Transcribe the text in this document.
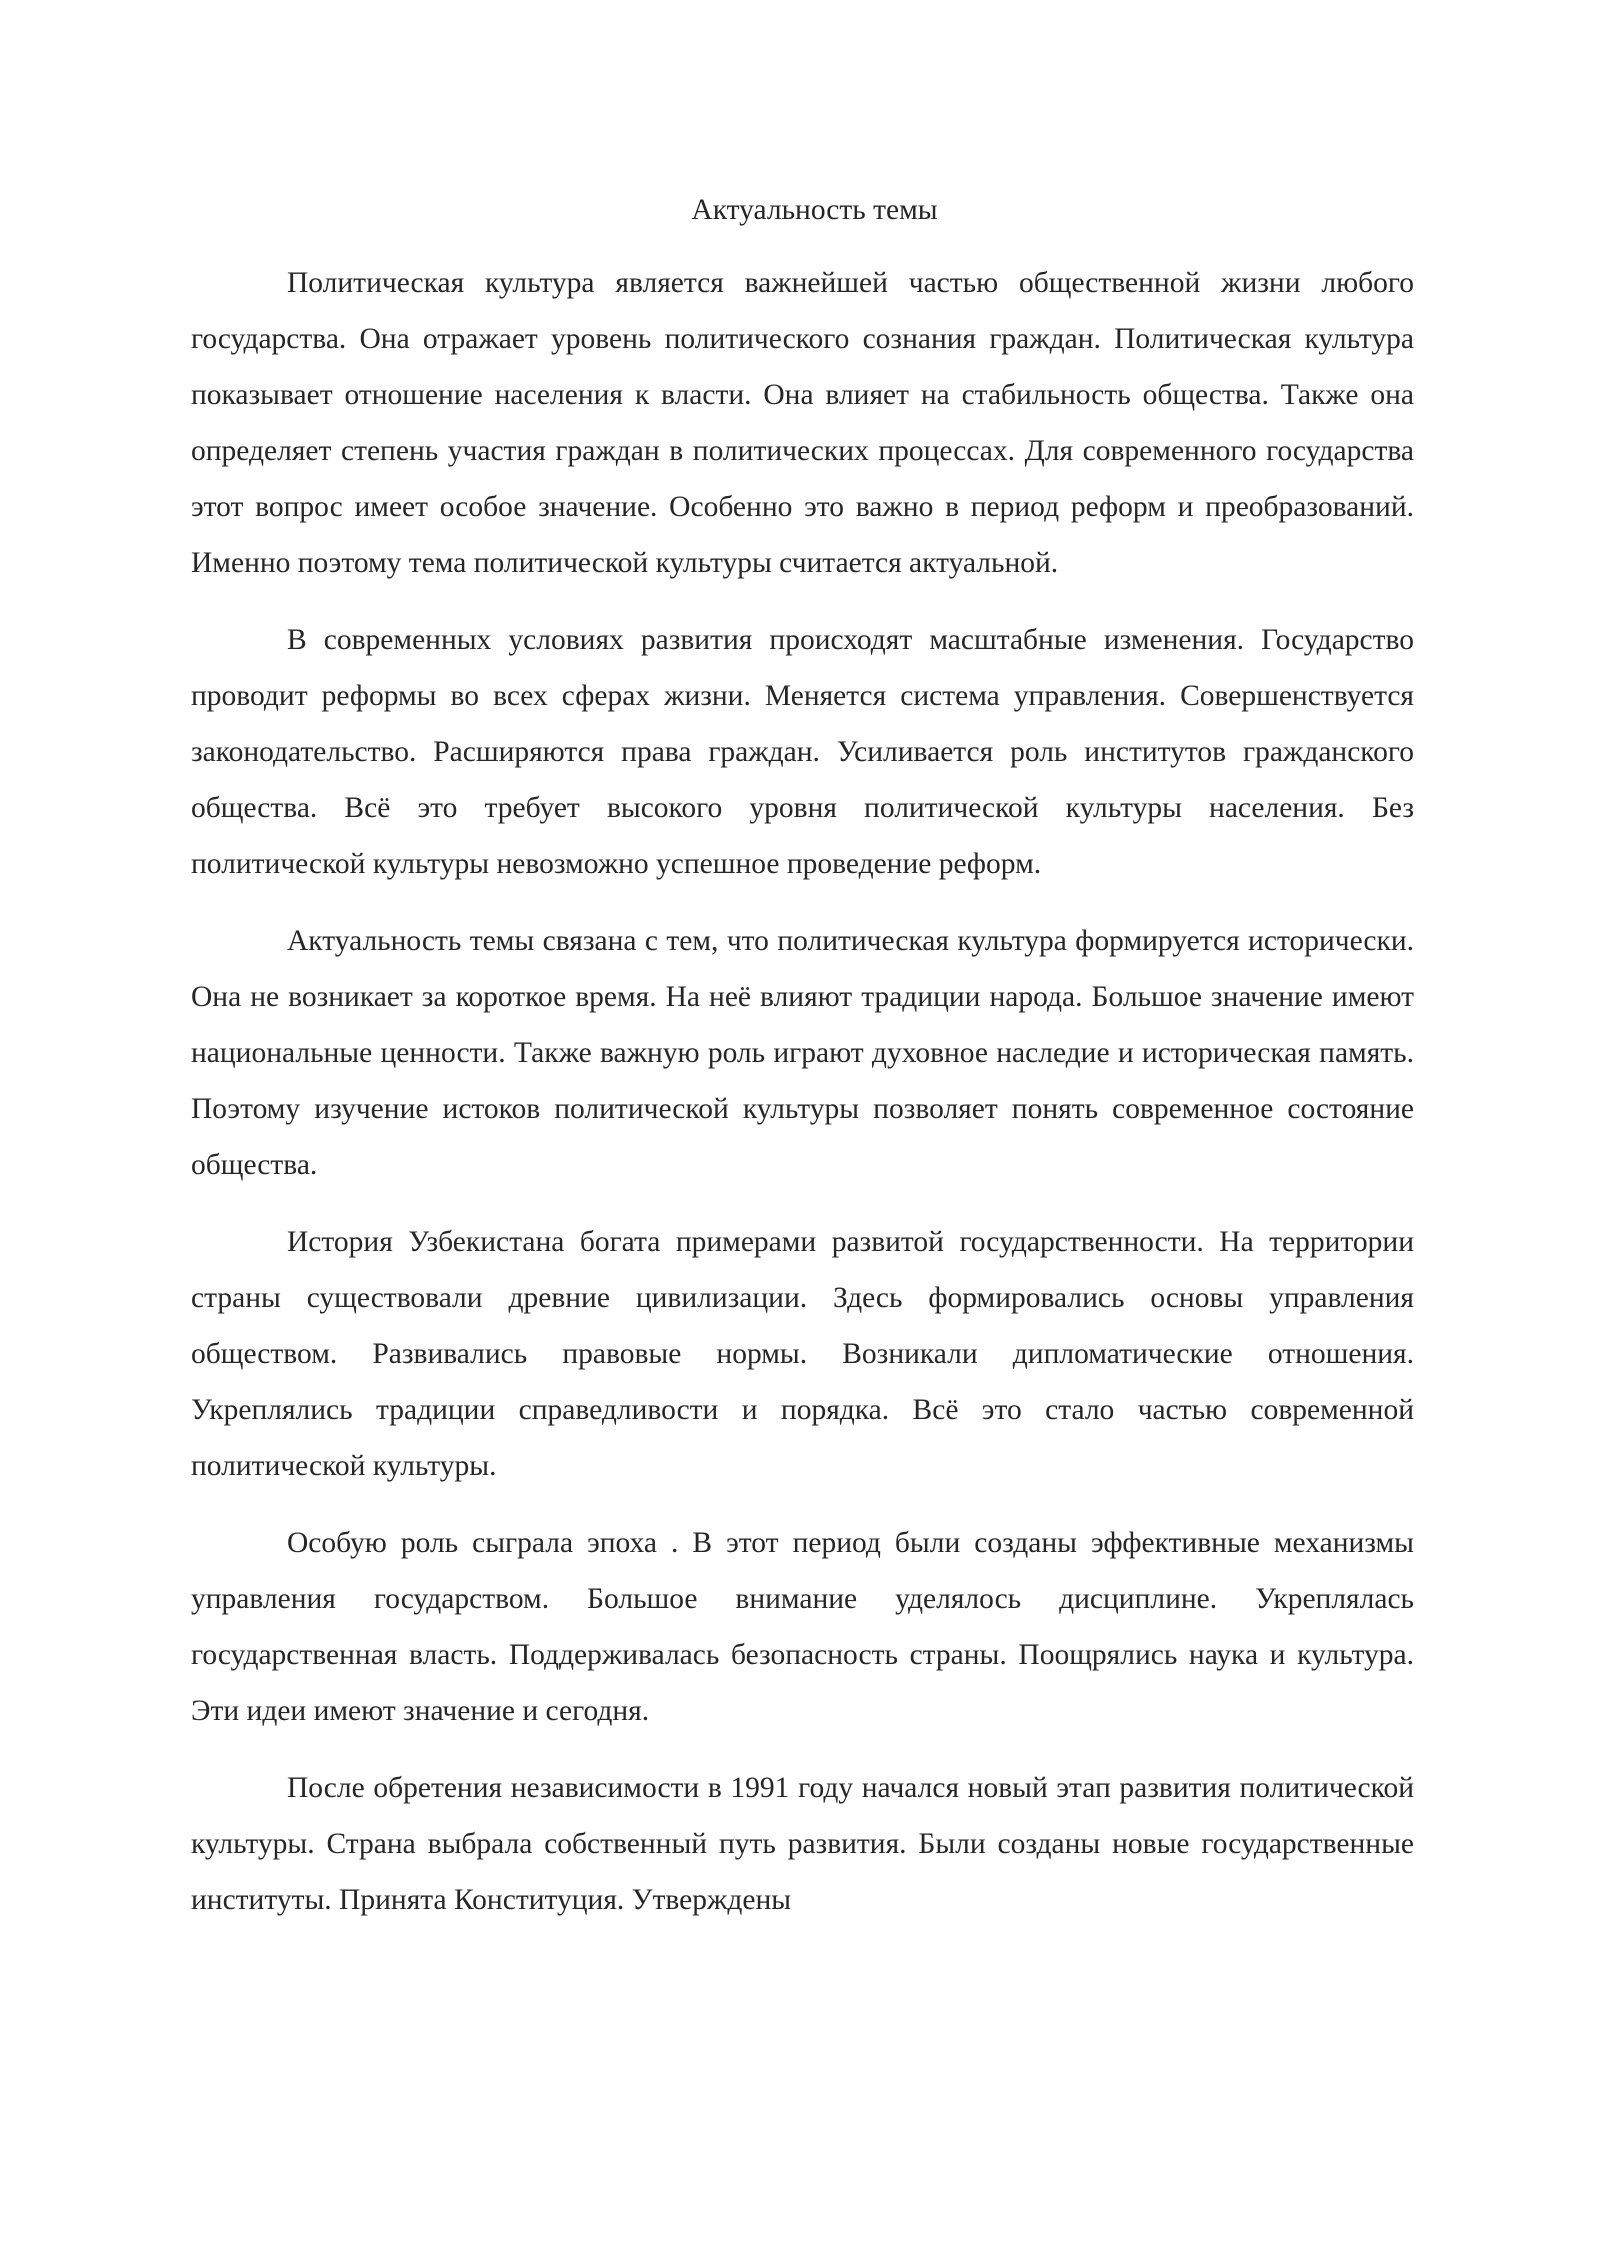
Актуальность темы

Политическая культура является важнейшей частью общественной жизни любого государства. Она отражает уровень политического сознания граждан. Политическая культура показывает отношение населения к власти. Она влияет на стабильность общества. Также она определяет степень участия граждан в политических процессах. Для современного государства этот вопрос имеет особое значение. Особенно это важно в период реформ и преобразований. Именно поэтому тема политической культуры считается актуальной.

В современных условиях развития происходят масштабные изменения. Государство проводит реформы во всех сферах жизни. Меняется система управления. Совершенствуется законодательство. Расширяются права граждан. Усиливается роль институтов гражданского общества. Всё это требует высокого уровня политической культуры населения. Без политической культуры невозможно успешное проведение реформ.

Актуальность темы связана с тем, что политическая культура формируется исторически. Она не возникает за короткое время. На неё влияют традиции народа. Большое значение имеют национальные ценности. Также важную роль играют духовное наследие и историческая память. Поэтому изучение истоков политической культуры позволяет понять современное состояние общества.

История Узбекистана богата примерами развитой государственности. На территории страны существовали древние цивилизации. Здесь формировались основы управления обществом. Развивались правовые нормы. Возникали дипломатические отношения. Укреплялись традиции справедливости и порядка. Всё это стало частью современной политической культуры.

Особую роль сыграла эпоха . В этот период были созданы эффективные механизмы управления государством. Большое внимание уделялось дисциплине. Укреплялась государственная власть. Поддерживалась безопасность страны. Поощрялись наука и культура. Эти идеи имеют значение и сегодня.

После обретения независимости в 1991 году начался новый этап развития политической культуры. Страна выбрала собственный путь развития. Были созданы новые государственные институты. Принята Конституция. Утверждены
